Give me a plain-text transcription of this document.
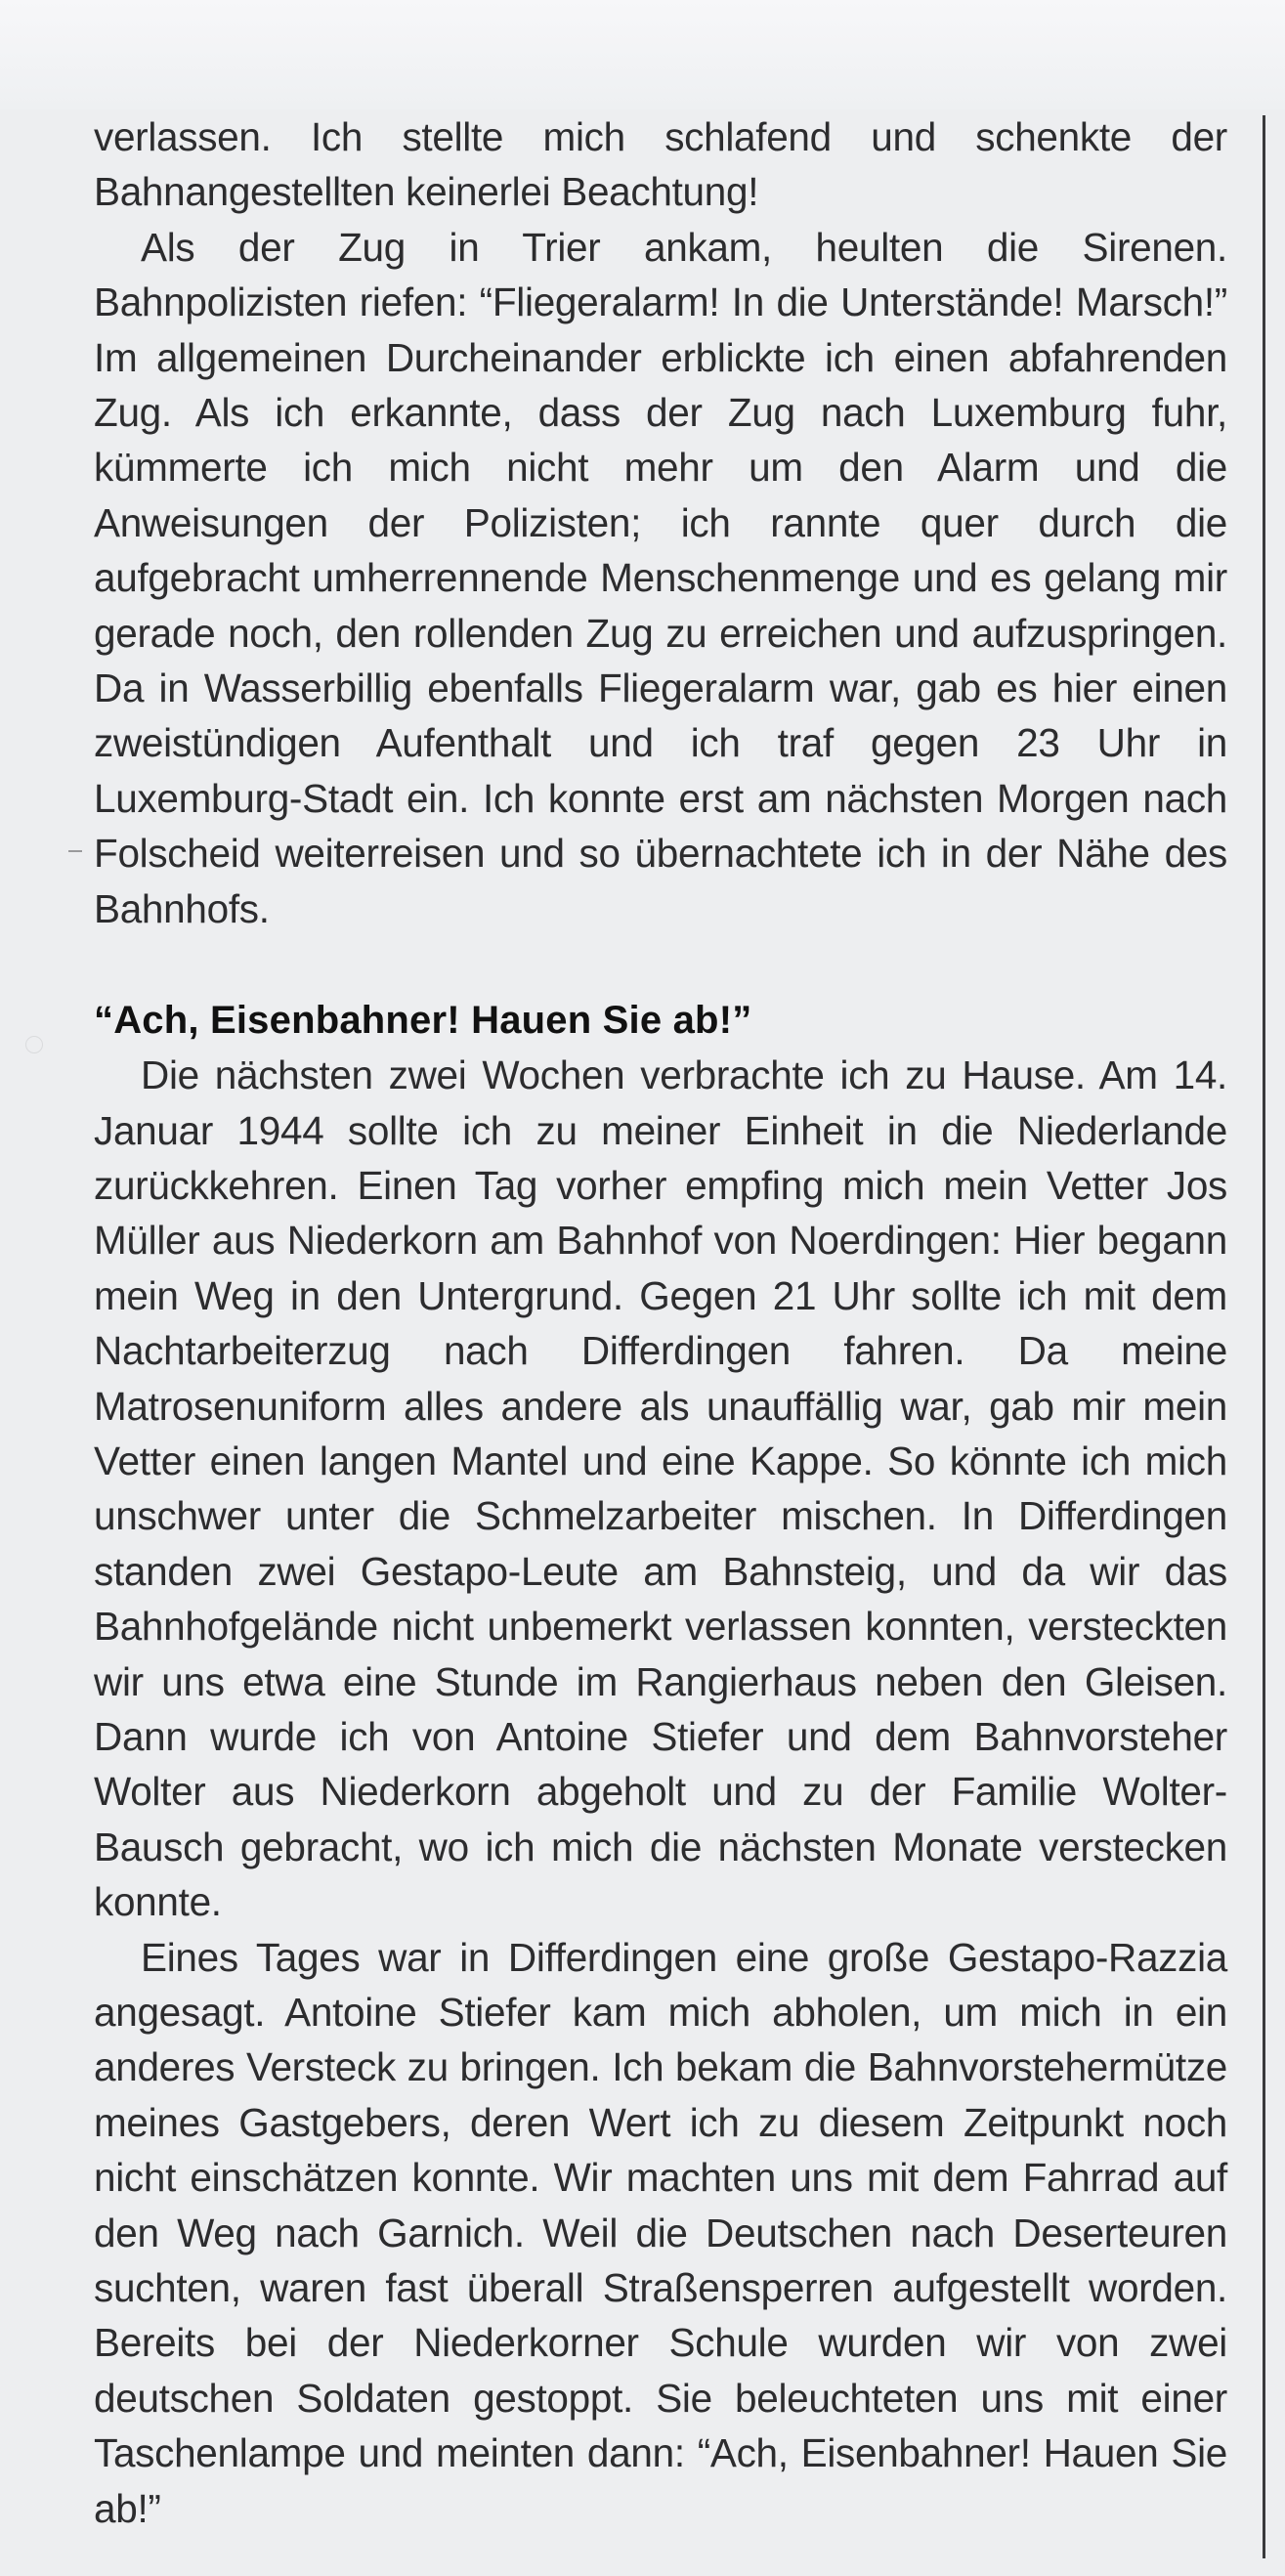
verlassen. Ich stellte mich schlafend und schenkte der Bahnangestellten keinerlei Beachtung!

Als der Zug in Trier ankam, heulten die Sirenen. Bahnpolizisten riefen: “Fliegeralarm! In die Unterstände! Marsch!” Im allgemeinen Durcheinander erblickte ich einen abfahrenden Zug. Als ich erkannte, dass der Zug nach Luxemburg fuhr, kümmerte ich mich nicht mehr um den Alarm und die Anweisungen der Polizisten; ich rannte quer durch die aufgebracht umherrennende Menschenmenge und es gelang mir gerade noch, den rollenden Zug zu erreichen und aufzuspringen. Da in Wasserbillig ebenfalls Fliegeralarm war, gab es hier einen zweistündigen Aufenthalt und ich traf gegen 23 Uhr in Luxemburg-Stadt ein. Ich konnte erst am nächsten Morgen nach Folscheid weiterreisen und so übernachtete ich in der Nähe des Bahnhofs.

“Ach, Eisenbahner! Hauen Sie ab!”

Die nächsten zwei Wochen verbrachte ich zu Hause. Am 14. Januar 1944 sollte ich zu meiner Einheit in die Niederlande zurückkehren. Einen Tag vorher empfing mich mein Vetter Jos Müller aus Niederkorn am Bahnhof von Noerdingen: Hier begann mein Weg in den Untergrund. Gegen 21 Uhr sollte ich mit dem Nachtarbeiterzug nach Differdingen fahren. Da meine Matrosenuniform alles andere als unauffällig war, gab mir mein Vetter einen langen Mantel und eine Kappe. So könnte ich mich unschwer unter die Schmelzarbeiter mischen. In Differdingen standen zwei Gestapo-Leute am Bahnsteig, und da wir das Bahnhofgelände nicht unbemerkt verlassen konnten, versteckten wir uns etwa eine Stunde im Rangierhaus neben den Gleisen. Dann wurde ich von Antoine Stiefer und dem Bahnvorsteher Wolter aus Niederkorn abgeholt und zu der Familie Wolter-Bausch gebracht, wo ich mich die nächsten Monate verstecken konnte.

Eines Tages war in Differdingen eine große Gestapo-Razzia angesagt. Antoine Stiefer kam mich abholen, um mich in ein anderes Versteck zu bringen. Ich bekam die Bahnvorstehermütze meines Gastgebers, deren Wert ich zu diesem Zeitpunkt noch nicht einschätzen konnte. Wir machten uns mit dem Fahrrad auf den Weg nach Garnich. Weil die Deutschen nach Deserteuren suchten, waren fast überall Straßensperren aufgestellt worden. Bereits bei der Niederkorner Schule wurden wir von zwei deutschen Soldaten gestoppt. Sie beleuchteten uns mit einer Taschenlampe und meinten dann: “Ach, Eisenbahner! Hauen Sie ab!”
